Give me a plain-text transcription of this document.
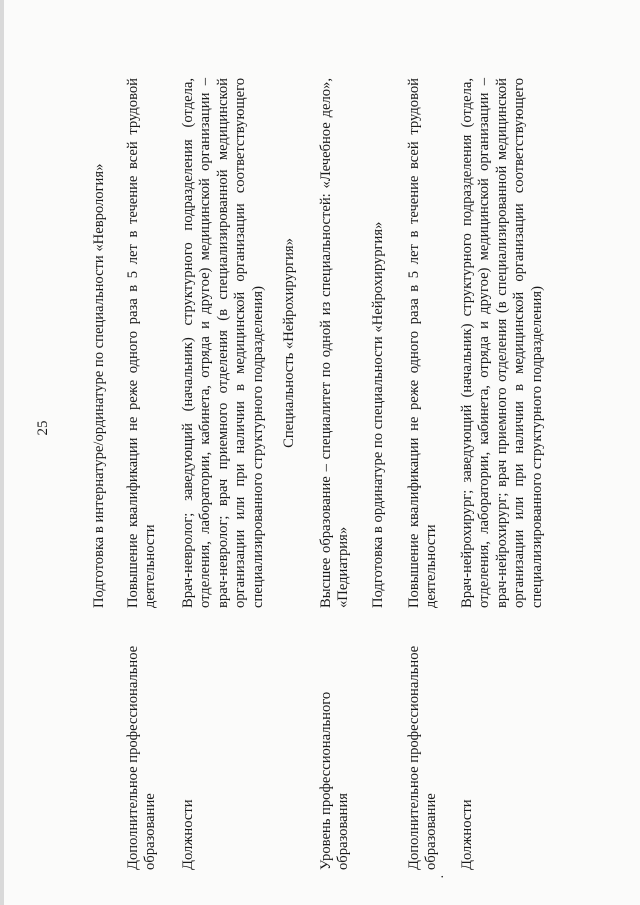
25	Подготовка в интернатуре/ординатуре по специальности «Неврология»
Дополнительное профессиональное образование
Повышение квалификации не реже одного раза в 5 лет в течение всей трудовой деятельности
Должности
Врач-невролог; заведующий (начальник) структурного подразделения (отдела, отделения, лаборатории, кабинета, отряда и другое) медицинской организации – врач-невролог; врач приемного отделения (в специализированной медицинской организации или при наличии в медицинской организации соответствующего специализированного структурного подразделения) Специальность «Нейрохирургия»
Уровень профессионального образования
Высшее образование – специалитет по одной из специальностей: «Лечебное дело», «Педиатрия»
·
Подготовка в ординатуре по специальности «Нейрохирургия»
Дополнительное профессиональное образование
Повышение квалификации не реже одного раза в 5 лет в течение всей трудовой деятельности
Должности
Врач-нейрохирург; заведующий (начальник) структурного подразделения (отдела, отделения, лаборатории, кабинета, отряда и другое) медицинской организации –врач-нейрохирург; врач приемного отделения (в специализированной медицинской организации или при наличии в медицинской организации соответствующего специализированного структурного подразделения)
